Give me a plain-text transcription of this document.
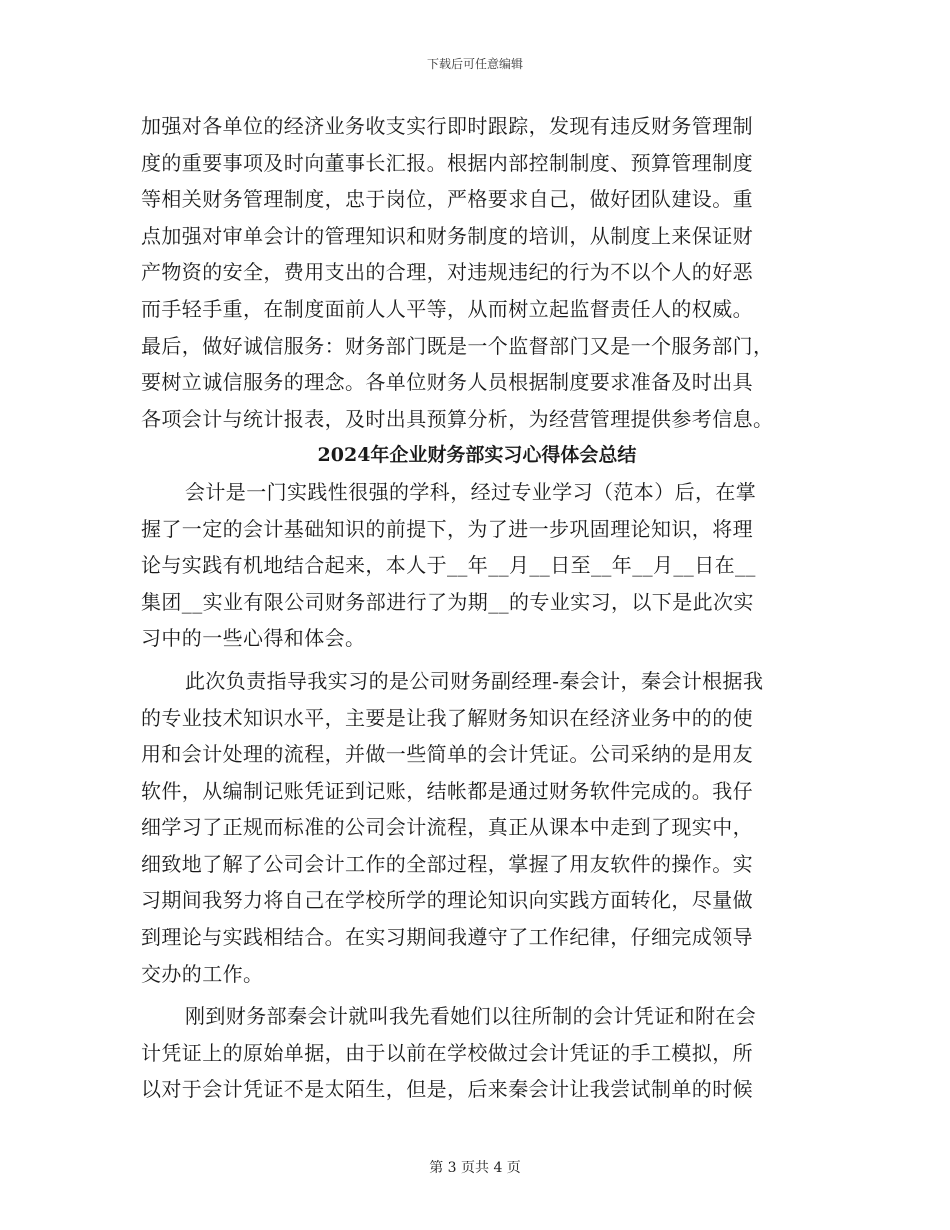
下载后可任意编辑
加强对各单位的经济业务收支实行即时跟踪，发现有违反财务管理制
度的重要事项及时向董事长汇报。根据内部控制制度、预算管理制度
等相关财务管理制度，忠于岗位，严格要求自己，做好团队建设。重
点加强对审单会计的管理知识和财务制度的培训，从制度上来保证财
产物资的安全，费用支出的合理，对违规违纪的行为不以个人的好恶
而手轻手重，在制度面前人人平等，从而树立起监督责任人的权威。
最后，做好诚信服务：财务部门既是一个监督部门又是一个服务部门，
要树立诚信服务的理念。各单位财务人员根据制度要求准备及时出具
各项会计与统计报表，及时出具预算分析，为经营管理提供参考信息。
2024年企业财务部实习心得体会总结
会计是一门实践性很强的学科，经过专业学习（范本）后，在掌
握了一定的会计基础知识的前提下，为了进一步巩固理论知识，将理
论与实践有机地结合起来，本人于__年__月__日至__年__月__日在__
集团__实业有限公司财务部进行了为期__的专业实习，以下是此次实
习中的一些心得和体会。
此次负责指导我实习的是公司财务副经理-秦会计，秦会计根据我
的专业技术知识水平，主要是让我了解财务知识在经济业务中的的使
用和会计处理的流程，并做一些简单的会计凭证。公司采纳的是用友
软件，从编制记账凭证到记账，结帐都是通过财务软件完成的。我仔
细学习了正规而标准的公司会计流程，真正从课本中走到了现实中，
细致地了解了公司会计工作的全部过程，掌握了用友软件的操作。实
习期间我努力将自己在学校所学的理论知识向实践方面转化，尽量做
到理论与实践相结合。在实习期间我遵守了工作纪律，仔细完成领导
交办的工作。
刚到财务部秦会计就叫我先看她们以往所制的会计凭证和附在会
计凭证上的原始单据，由于以前在学校做过会计凭证的手工模拟，所
以对于会计凭证不是太陌生，但是，后来秦会计让我尝试制单的时候
第 3 页共 4 页
